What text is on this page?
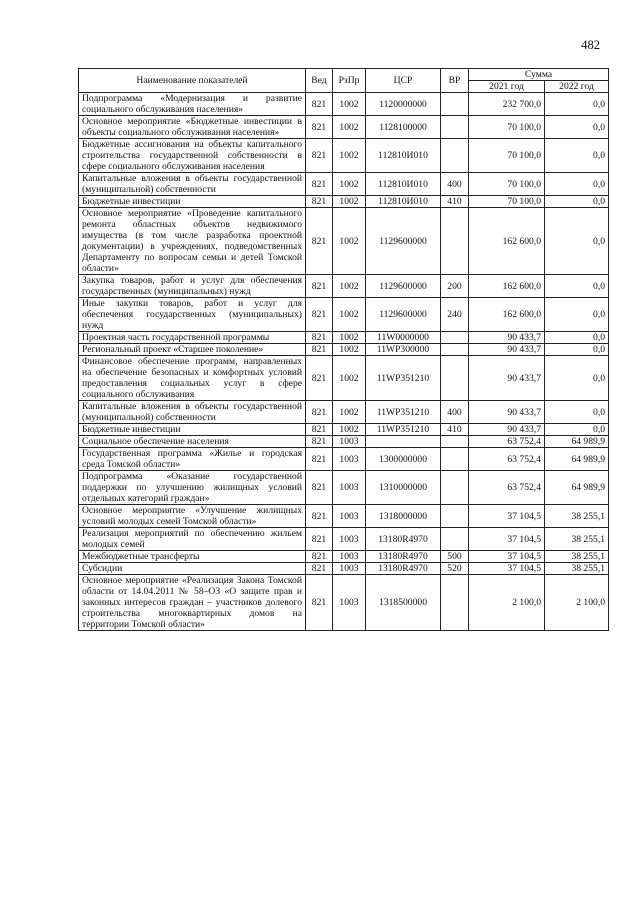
482
Наименование показателей	Вед	РзПр	ЦСР	ВР	Сумма	
					2021 год	2022 год
Подпрограмма «Модернизация и развитие социального обслуживания населения»	821	1002	1120000000		232 700,0	0,0
Основное мероприятие «Бюджетные инвестиции в объекты социального обслуживания населения»	821	1002	1128100000		70 100,0	0,0
Бюджетные ассигнования на объекты капитального строительства государственной собственности в сфере социального обслуживания населения	821	1002	112810И010		70 100,0	0,0
Капитальные вложения в объекты государственной (муниципальной) собственности	821	1002	112810И010	400	70 100,0	0,0
Бюджетные инвестиции	821	1002	112810И010	410	70 100,0	0,0
Основное мероприятие «Проведение капитального ремонта областных объектов недвижимого имущества (в том числе разработка проектной документации) в учреждениях, подведомственных Департаменту по вопросам семьи и детей Томской области»	821	1002	1129600000		162 600,0	0,0
Закупка товаров, работ и услуг для обеспечения государственных (муниципальных) нужд	821	1002	1129600000	200	162 600,0	0,0
Иные закупки товаров, работ и услуг для обеспечения государственных (муниципальных) нужд	821	1002	1129600000	240	162 600,0	0,0
Проектная часть государственной программы	821	1002	11W0000000		90 433,7	0,0
Региональный проект «Старшее поколение»	821	1002	11WP300000		90 433,7	0,0
Финансовое обеспечение программ, направленных на обеспечение безопасных и комфортных условий предоставления социальных услуг в сфере социального обслуживания	821	1002	11WP351210		90 433,7	0,0
Капитальные вложения в объекты государственной (муниципальной) собственности	821	1002	11WP351210	400	90 433,7	0,0
Бюджетные инвестиции	821	1002	11WP351210	410	90 433,7	0,0
Социальное обеспечение населения	821	1003			63 752,4	64 989,9
Государственная программа «Жилье и городская среда Томской области»	821	1003	1300000000		63 752,4	64 989,9
Подпрограмма «Оказание государственной поддержки по улучшению жилищных условий отдельных категорий граждан»	821	1003	1310000000		63 752,4	64 989,9
Основное мероприятие «Улучшение жилищных условий молодых семей Томской области»	821	1003	1318000000		37 104,5	38 255,1
Реализация мероприятий по обеспечению жильем молодых семей	821	1003	13180R4970		37 104,5	38 255,1
Межбюджетные трансферты	821	1003	13180R4970	500	37 104,5	38 255,1
Субсидии	821	1003	13180R4970	520	37 104,5	38 255,1
Основное мероприятие «Реализация Закона Томской области от 14.04.2011 № 58–ОЗ «О защите прав и законных интересов граждан – участников долевого строительства многоквартирных домов на территории Томской области»	821	1003	1318500000		2 100,0	2 100,0
